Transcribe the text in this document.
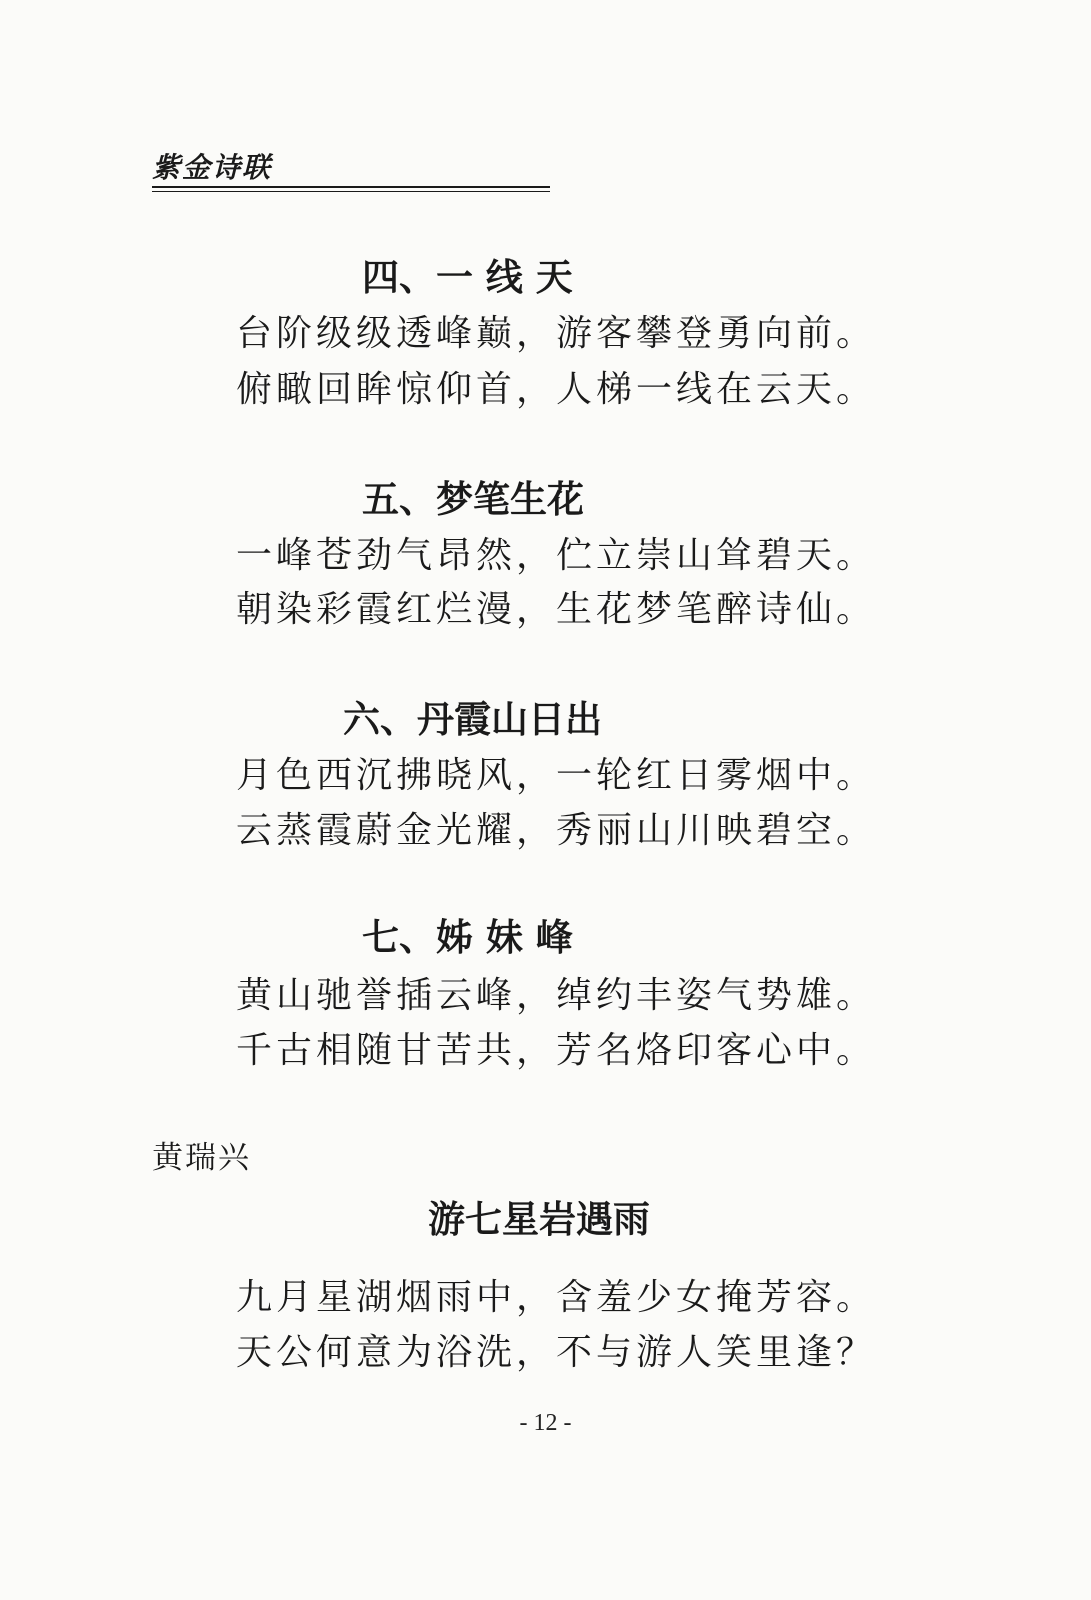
紫金诗联
四、一 线 天
台阶级级透峰巅，游客攀登勇向前。
俯瞰回眸惊仰首，人梯一线在云天。
五、梦笔生花
一峰苍劲气昂然，伫立崇山耸碧天。
朝染彩霞红烂漫，生花梦笔醉诗仙。
六、丹霞山日出
月色西沉拂晓风，一轮红日雾烟中。
云蒸霞蔚金光耀，秀丽山川映碧空。
七、姊 妹 峰
黄山驰誉插云峰，绰约丰姿气势雄。
千古相随甘苦共，芳名烙印客心中。
黄瑞兴
游七星岩遇雨
九月星湖烟雨中，含羞少女掩芳容。
天公何意为浴洗，不与游人笑里逢？
- 12 -
